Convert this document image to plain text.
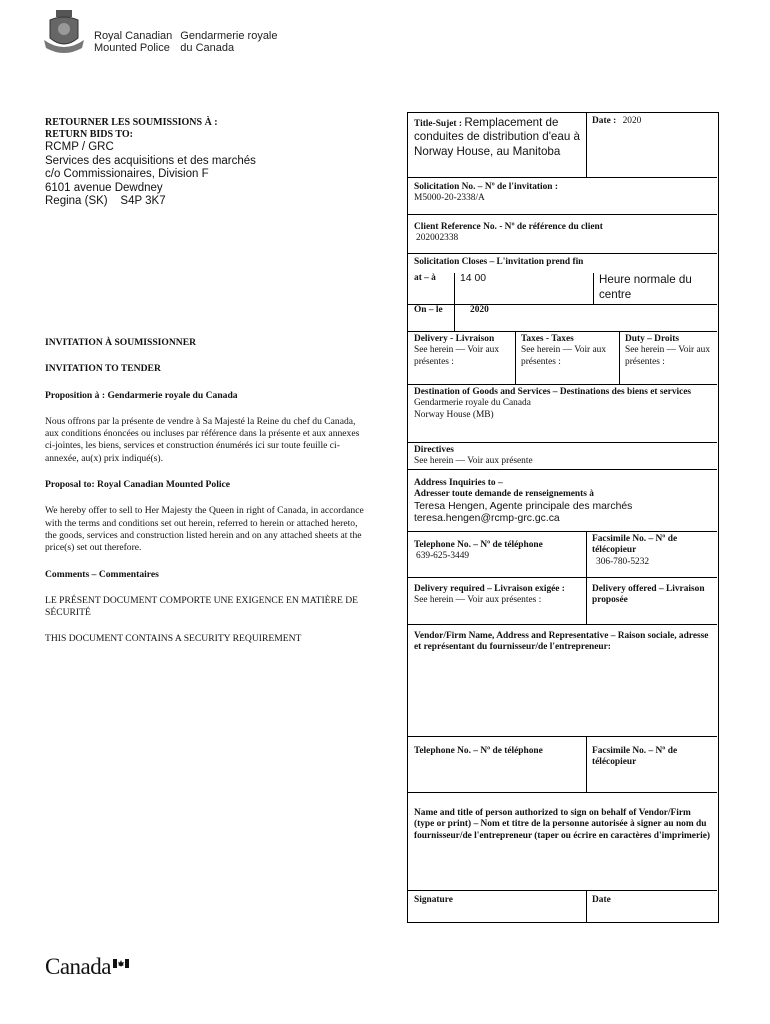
Royal Canadian
Mounted Police
Gendarmerie royale
du Canada
RETOURNER LES SOUMISSIONS À :
RETURN BIDS TO:
RCMP / GRC
Services des acquisitions et des marchés
c/o Commissionaires, Division F
6101 avenue Dewdney
Regina (SK)    S4P 3K7

INVITATION À SOUMISSIONNER

INVITATION TO TENDER

Proposition à : Gendarmerie royale du Canada

Nous offrons par la présente de vendre à Sa Majesté la Reine du chef du Canada, aux conditions énoncées ou incluses par référence dans la présente et aux annexes ci-jointes, les biens, services et construction énumérés ici sur toute feuille ci-annexée, au(x) prix indiqué(s).

Proposal to: Royal Canadian Mounted Police

We hereby offer to sell to Her Majesty the Queen in right of Canada, in accordance with the terms and conditions set out herein, referred to herein or attached hereto, the goods, services and construction listed herein and on any attached sheets at the price(s) set out therefore.

Comments – Commentaires

LE PRÉSENT DOCUMENT COMPORTE UNE EXIGENCE EN MATIÈRE DE SÉCURITÉ

THIS DOCUMENT CONTAINS A SECURITY REQUIREMENT

Title-Sujet : Remplacement de conduites de distribution d'eau à Norway House, au Manitoba
Date : 2020
Solicitation No. – Nº de l'invitation :
M5000-20-2338/A
Client Reference No. - Nº de référence du client
202002338
Solicitation Closes – L'invitation prend fin
at – à	14 00	Heure normale du centre
On – le	2020
Delivery - Livraison
See herein — Voir aux présentes :
Taxes - Taxes
See herein — Voir aux présentes :
Duty – Droits
See herein — Voir aux présentes :
Destination of Goods and Services – Destinations des biens et services
Gendarmerie royale du Canada
Norway House (MB)
Directives
See herein — Voir aux présente
Address Inquiries to –
Adresser toute demande de renseignements à
Teresa Hengen, Agente principale des marchés
teresa.hengen@rcmp-grc.gc.ca
Telephone No. – Nº de téléphone
639-625-3449
Facsimile No. – Nº de télécopieur
306-780-5232
Delivery required – Livraison exigée :
See herein — Voir aux présentes :
Delivery offered – Livraison proposée
Vendor/Firm Name, Address and Representative – Raison sociale, adresse et représentant du fournisseur/de l'entrepreneur:
Telephone No. – Nº de téléphone	Facsimile No. – Nº de télécopieur
Name and title of person authorized to sign on behalf of Vendor/Firm (type or print) – Nom et titre de la personne autorisée à signer au nom du fournisseur/de l'entrepreneur (taper ou écrire en caractères d'imprimerie)
Signature	Date
Canada
